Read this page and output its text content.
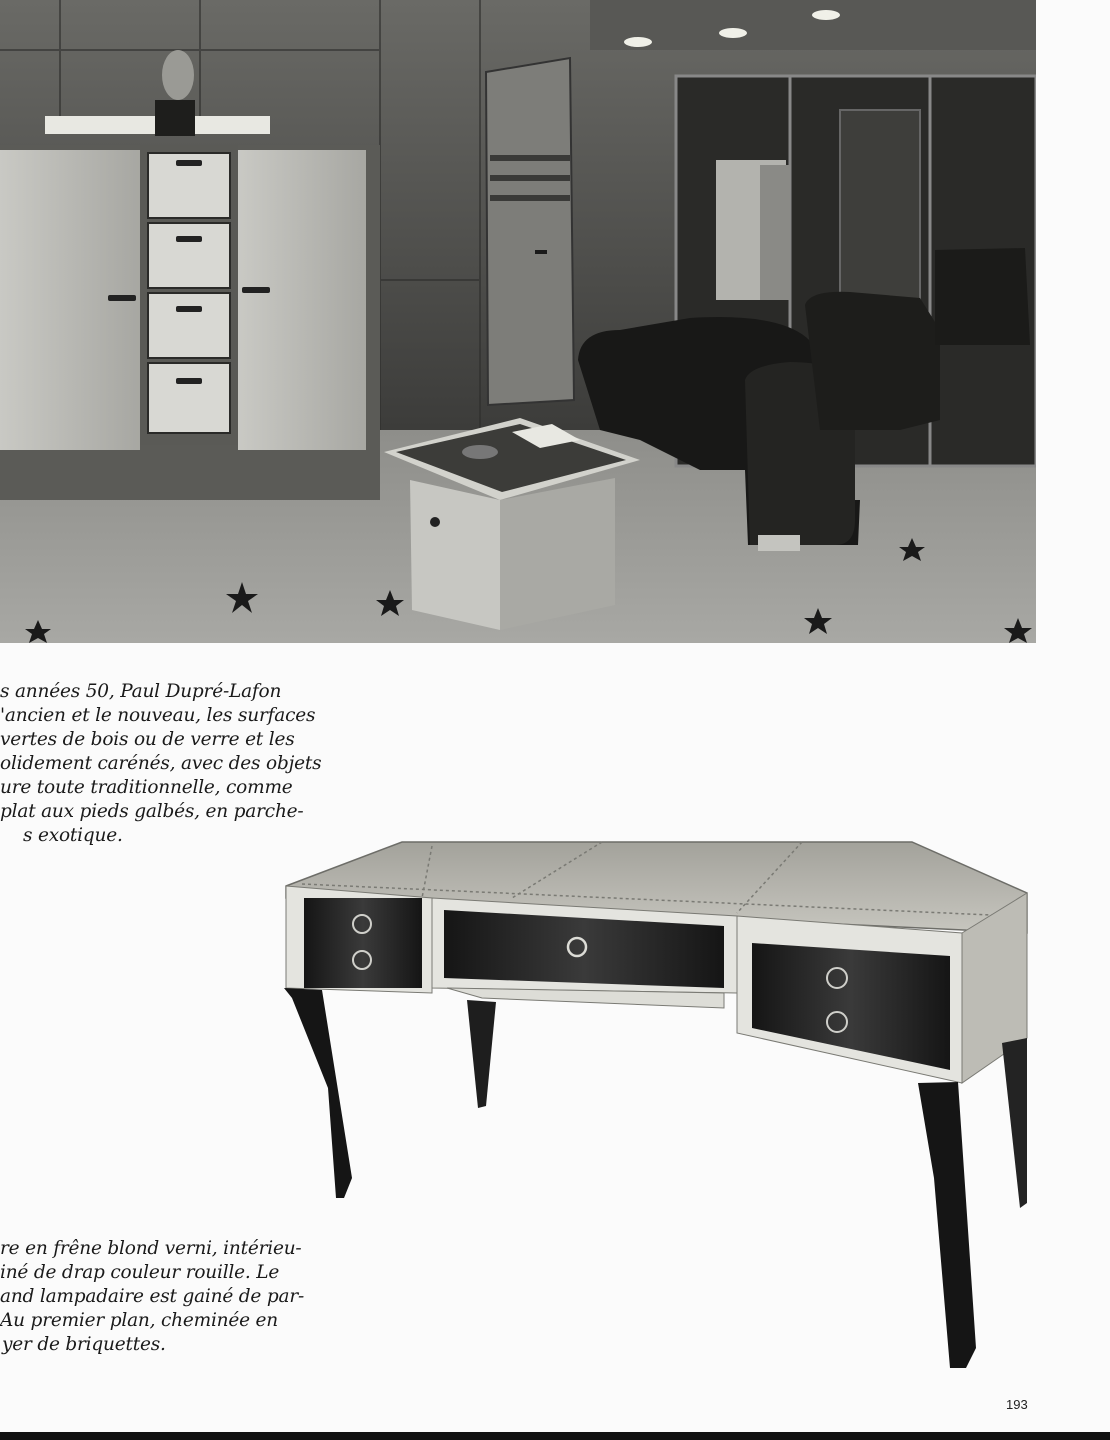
s années 50, Paul Dupré-Lafon
'ancien et le nouveau, les surfaces
vertes de bois ou de verre et les
olidement carénés, avec des objets
ure toute traditionnelle, comme
plat aux pieds galbés, en parche-
s exotique.

re en frêne blond verni, intérieu-
iné de drap couleur rouille. Le
and lampadaire est gainé de par-
Au premier plan, cheminée en
yer de briquettes.

193
